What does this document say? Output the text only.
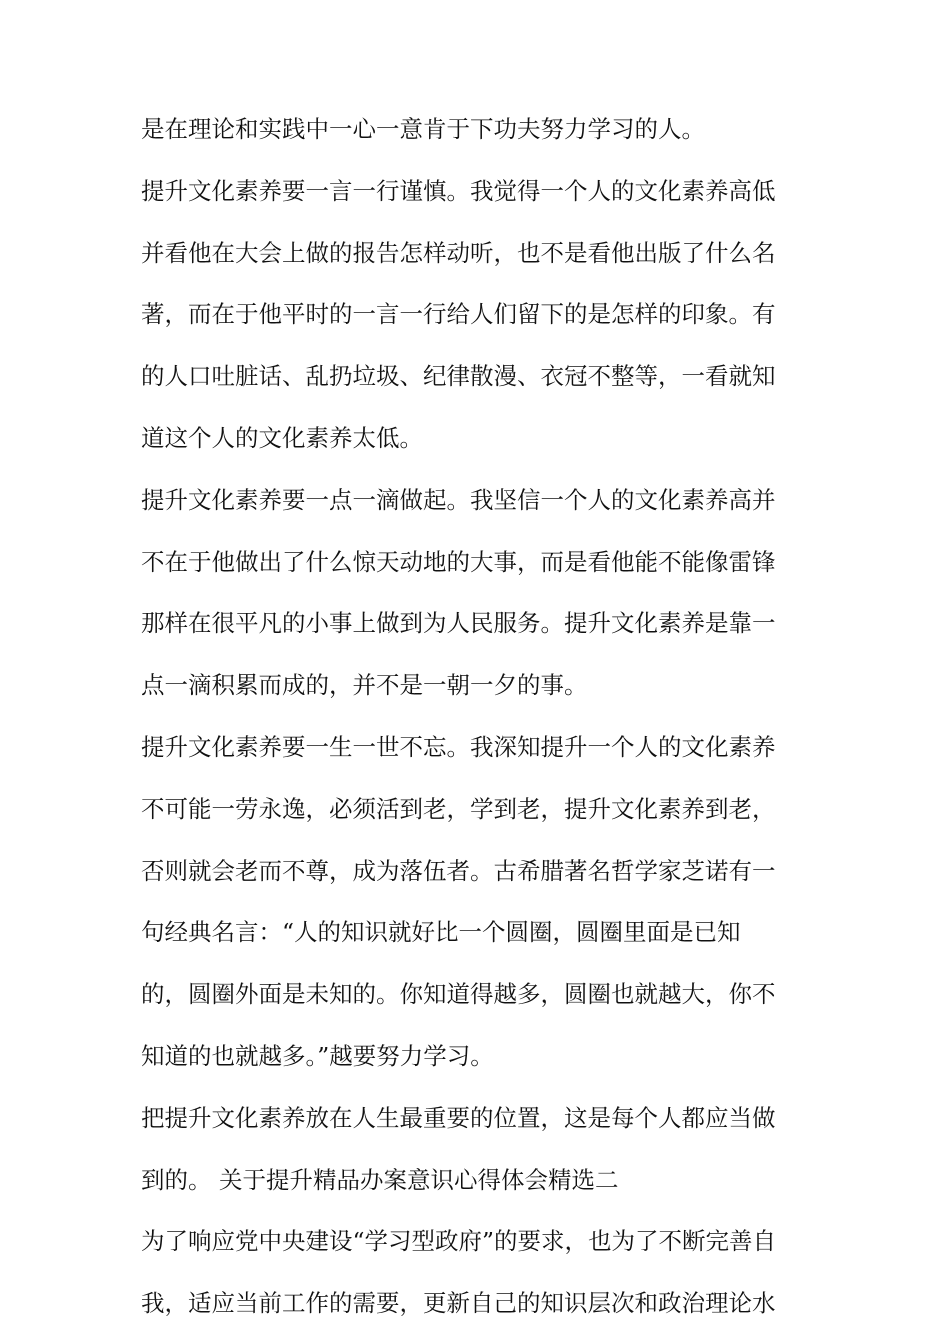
是在理论和实践中一心一意肯于下功夫努力学习的人。
提升文化素养要一言一行谨慎。我觉得一个人的文化素养高低
并看他在大会上做的报告怎样动听，也不是看他出版了什么名
著，而在于他平时的一言一行给人们留下的是怎样的印象。有
的人口吐脏话、乱扔垃圾、纪律散漫、衣冠不整等，一看就知
道这个人的文化素养太低。
提升文化素养要一点一滴做起。我坚信一个人的文化素养高并
不在于他做出了什么惊天动地的大事，而是看他能不能像雷锋
那样在很平凡的小事上做到为人民服务。提升文化素养是靠一
点一滴积累而成的，并不是一朝一夕的事。
提升文化素养要一生一世不忘。我深知提升一个人的文化素养
不可能一劳永逸，必须活到老，学到老，提升文化素养到老，
否则就会老而不尊，成为落伍者。古希腊著名哲学家芝诺有一
句经典名言：“人的知识就好比一个圆圈，圆圈里面是已知
的，圆圈外面是未知的。你知道得越多，圆圈也就越大，你不
知道的也就越多。”越要努力学习。
把提升文化素养放在人生最重要的位置，这是每个人都应当做
到的。 关于提升精品办案意识心得体会精选二
为了响应党中央建设“学习型政府”的要求，也为了不断完善自
我，适应当前工作的需要，更新自己的知识层次和政治理论水
